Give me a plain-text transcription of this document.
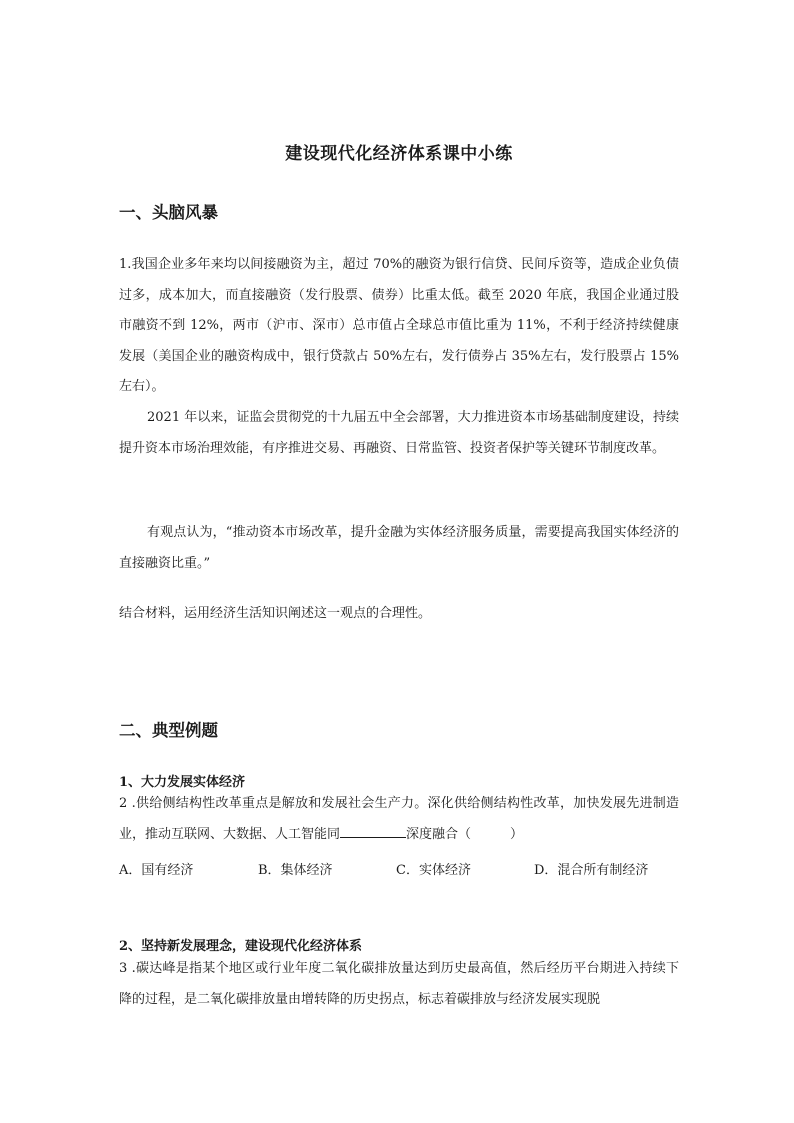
建设现代化经济体系课中小练
一、头脑风暴
1.我国企业多年来均以间接融资为主，超过 70%的融资为银行信贷、民间斥资等，造成企业负债过多，成本加大，而直接融资（发行股票、债券）比重太低。截至 2020 年底，我国企业通过股市融资不到 12%，两市（沪市、深市）总市值占全球总市值比重为 11%，不利于经济持续健康发展（美国企业的融资构成中，银行贷款占 50%左右，发行债券占 35%左右，发行股票占 15%左右）。
2021 年以来，证监会贯彻党的十九届五中全会部署，大力推进资本市场基础制度建设，持续提升资本市场治理效能，有序推进交易、再融资、日常监管、投资者保护等关键环节制度改革。
有观点认为，“推动资本市场改革，提升金融为实体经济服务质量，需要提高我国实体经济的直接融资比重。”
结合材料，运用经济生活知识阐述这一观点的合理性。
二、典型例题
1、大力发展实体经济
2 .供给侧结构性改革重点是解放和发展社会生产力。深化供给侧结构性改革，加快发展先进制造业，推动互联网、大数据、人工智能同	深度融合（　　　）
A．国有经济	B．集体经济	C．实体经济	D．混合所有制经济
2、坚持新发展理念，建设现代化经济体系
3 .碳达峰是指某个地区或行业年度二氧化碳排放量达到历史最高值，然后经历平台期进入持续下降的过程，是二氧化碳排放量由增转降的历史拐点，标志着碳排放与经济发展实现脱
